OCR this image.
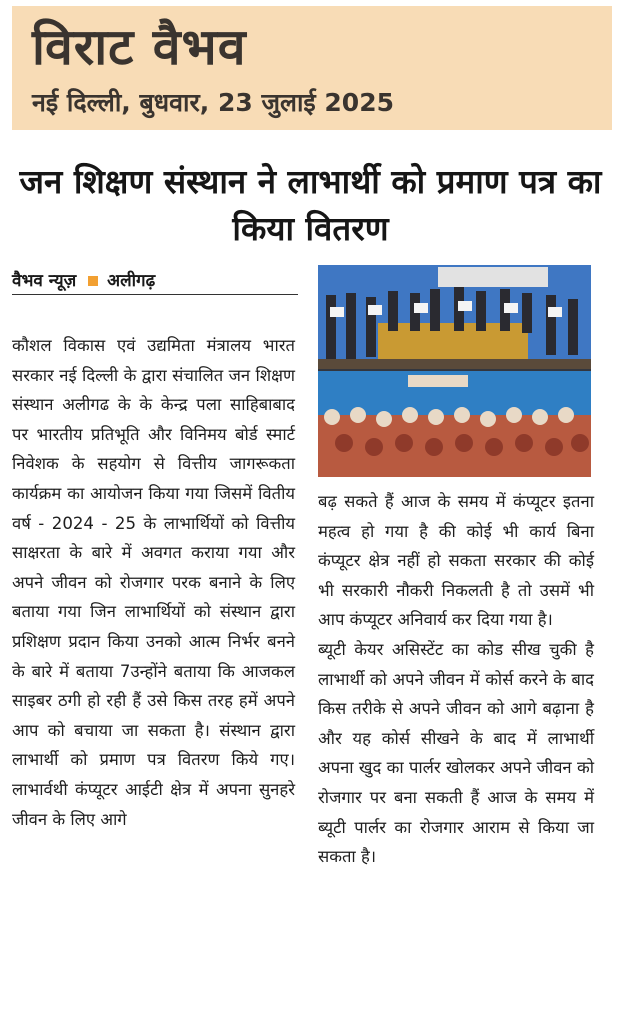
विराट वैभव
नई दिल्ली, बुधवार, 23 जुलाई 2025
जन शिक्षण संस्थान ने लाभार्थी को प्रमाण पत्र का किया वितरण
वैभव न्यूज़ अलीगढ़

कौशल विकास एवं उद्यमिता मंत्रालय भारत सरकार नई दिल्ली के द्वारा संचालित जन शिक्षण संस्थान अलीगढ के के केन्द्र पला साहिबाबाद पर भारतीय प्रतिभूति और विनिमय बोर्ड स्मार्ट निवेशक के सहयोग से वित्तीय जागरूकता कार्यक्रम का आयोजन किया गया जिसमें वितीय वर्ष - 2024 - 25 के लाभार्थियों को वित्तीय साक्षरता के बारे में अवगत कराया गया और अपने जीवन को रोजगार परक बनाने के लिए बताया गया जिन लाभार्थियों को संस्थान द्वारा प्रशिक्षण प्रदान किया उनको आत्म निर्भर बनने के बारे में बताया 7उन्होंने बताया कि आजकल साइबर ठगी हो रही हैं उसे किस तरह हमें अपने आप को बचाया जा सकता है। संस्थान द्वारा लाभार्थी को प्रमाण पत्र वितरण किये गए। लाभार्वथी कंप्यूटर आईटी क्षेत्र में अपना सुनहरे जीवन के लिए आगे

बढ़ सकते हैं आज के समय में कंप्यूटर इतना महत्व हो गया है की कोई भी कार्य बिना कंप्यूटर क्षेत्र नहीं हो सकता सरकार की कोई भी सरकारी नौकरी निकलती है तो उसमें भी आप कंप्यूटर अनिवार्य कर दिया गया है।

ब्यूटी केयर असिस्टेंट का कोड सीख चुकी है लाभार्थी को अपने जीवन में कोर्स करने के बाद किस तरीके से अपने जीवन को आगे बढ़ाना है और यह कोर्स सीखने के बाद में लाभार्थी अपना खुद का पार्लर खोलकर अपने जीवन को रोजगार पर बना सकती हैं आज के समय में ब्यूटी पार्लर का रोजगार आराम से किया जा सकता है।
